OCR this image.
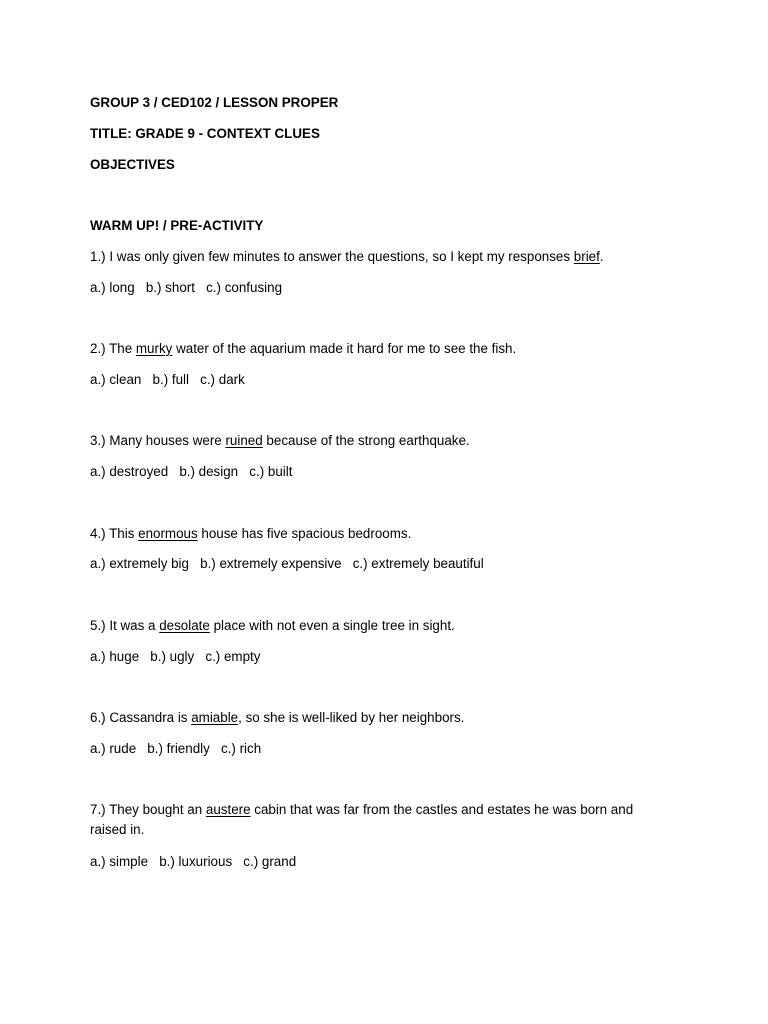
GROUP 3 / CED102 / LESSON PROPER
TITLE: GRADE 9 - CONTEXT CLUES
OBJECTIVES
WARM UP! / PRE-ACTIVITY
1.) I was only given few minutes to answer the questions, so I kept my responses brief.
a.) long   b.) short   c.) confusing
2.) The murky water of the aquarium made it hard for me to see the fish.
a.) clean   b.) full   c.) dark
3.) Many houses were ruined because of the strong earthquake.
a.) destroyed   b.) design   c.) built
4.) This enormous house has five spacious bedrooms.
a.) extremely big   b.) extremely expensive   c.) extremely beautiful
5.) It was a desolate place with not even a single tree in sight.
a.) huge   b.) ugly   c.) empty
6.) Cassandra is amiable, so she is well-liked by her neighbors.
a.) rude   b.) friendly   c.) rich
7.) They bought an austere cabin that was far from the castles and estates he was born and raised in.
a.) simple   b.) luxurious   c.) grand
